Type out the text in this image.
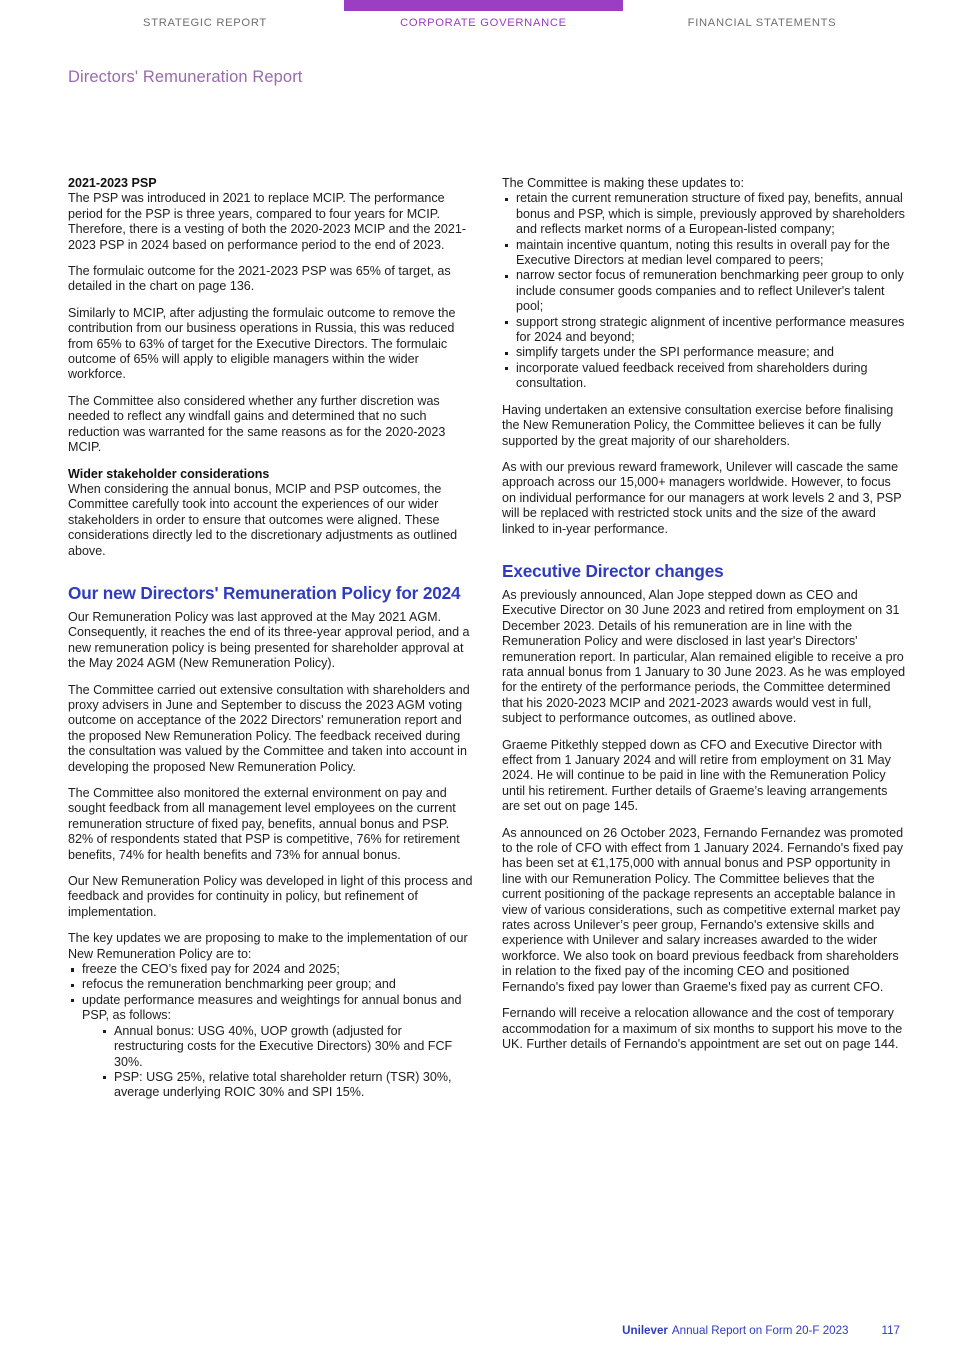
STRATEGIC REPORT	CORPORATE GOVERNANCE	FINANCIAL STATEMENTS
Directors' Remuneration Report
2021-2023 PSP

The PSP was introduced in 2021 to replace MCIP. The performance period for the PSP is three years, compared to four years for MCIP. Therefore, there is a vesting of both the 2020-2023 MCIP and the 2021-2023 PSP in 2024 based on performance period to the end of 2023.

The formulaic outcome for the 2021-2023 PSP was 65% of target, as detailed in the chart on page 136.

Similarly to MCIP, after adjusting the formulaic outcome to remove the contribution from our business operations in Russia, this was reduced from 65% to 63% of target for the Executive Directors. The formulaic outcome of 65% will apply to eligible managers within the wider workforce.

The Committee also considered whether any further discretion was needed to reflect any windfall gains and determined that no such reduction was warranted for the same reasons as for the 2020-2023 MCIP.

Wider stakeholder considerations

When considering the annual bonus, MCIP and PSP outcomes, the Committee carefully took into account the experiences of our wider stakeholders in order to ensure that outcomes were aligned. These considerations directly led to the discretionary adjustments as outlined above.

Our new Directors' Remuneration Policy for 2024

Our Remuneration Policy was last approved at the May 2021 AGM. Consequently, it reaches the end of its three-year approval period, and a new remuneration policy is being presented for shareholder approval at the May 2024 AGM (New Remuneration Policy).

The Committee carried out extensive consultation with shareholders and proxy advisers in June and September to discuss the 2023 AGM voting outcome on acceptance of the 2022 Directors' remuneration report and the proposed New Remuneration Policy. The feedback received during the consultation was valued by the Committee and taken into account in developing the proposed New Remuneration Policy.

The Committee also monitored the external environment on pay and sought feedback from all management level employees on the current remuneration structure of fixed pay, benefits, annual bonus and PSP. 82% of respondents stated that PSP is competitive, 76% for retirement benefits, 74% for health benefits and 73% for annual bonus.

Our New Remuneration Policy was developed in light of this process and feedback and provides for continuity in policy, but refinement of implementation.

The key updates we are proposing to make to the implementation of our New Remuneration Policy are to:

freeze the CEO’s fixed pay for 2024 and 2025;
refocus the remuneration benchmarking peer group; and
update performance measures and weightings for annual bonus and PSP, as follows:
Annual bonus: USG 40%, UOP growth (adjusted for restructuring costs for the Executive Directors) 30% and FCF 30%.
PSP: USG 25%, relative total shareholder return (TSR) 30%, average underlying ROIC 30% and SPI 15%.

The Committee is making these updates to:

retain the current remuneration structure of fixed pay, benefits, annual bonus and PSP, which is simple, previously approved by shareholders and reflects market norms of a European-listed company;
maintain incentive quantum, noting this results in overall pay for the Executive Directors at median level compared to peers;
narrow sector focus of remuneration benchmarking peer group to only include consumer goods companies and to reflect Unilever's talent pool;
support strong strategic alignment of incentive performance measures for 2024 and beyond;
simplify targets under the SPI performance measure; and
incorporate valued feedback received from shareholders during consultation.

Having undertaken an extensive consultation exercise before finalising the New Remuneration Policy, the Committee believes it can be fully supported by the great majority of our shareholders.

As with our previous reward framework, Unilever will cascade the same approach across our 15,000+ managers worldwide. However, to focus on individual performance for our managers at work levels 2 and 3, PSP will be replaced with restricted stock units and the size of the award linked to in-year performance.

Executive Director changes

As previously announced, Alan Jope stepped down as CEO and Executive Director on 30 June 2023 and retired from employment on 31 December 2023. Details of his remuneration are in line with the Remuneration Policy and were disclosed in last year's Directors' remuneration report. In particular, Alan remained eligible to receive a pro rata annual bonus from 1 January to 30 June 2023. As he was employed for the entirety of the performance periods, the Committee determined that his 2020-2023 MCIP and 2021-2023 awards would vest in full, subject to performance outcomes, as outlined above.

Graeme Pitkethly stepped down as CFO and Executive Director with effect from 1 January 2024 and will retire from employment on 31 May 2024. He will continue to be paid in line with the Remuneration Policy until his retirement. Further details of Graeme’s leaving arrangements are set out on page 145.

As announced on 26 October 2023, Fernando Fernandez was promoted to the role of CFO with effect from 1 January 2024. Fernando's fixed pay has been set at €1,175,000 with annual bonus and PSP opportunity in line with our Remuneration Policy. The Committee believes that the current positioning of the package represents an acceptable balance in view of various considerations, such as competitive external market pay rates across Unilever’s peer group, Fernando's extensive skills and experience with Unilever and salary increases awarded to the wider workforce. We also took on board previous feedback from shareholders in relation to the fixed pay of the incoming CEO and positioned Fernando's fixed pay lower than Graeme's fixed pay as current CFO.

Fernando will receive a relocation allowance and the cost of temporary accommodation for a maximum of six months to support his move to the UK. Further details of Fernando's appointment are set out on page 144.

Unilever Annual Report on Form 20-F 2023	117
